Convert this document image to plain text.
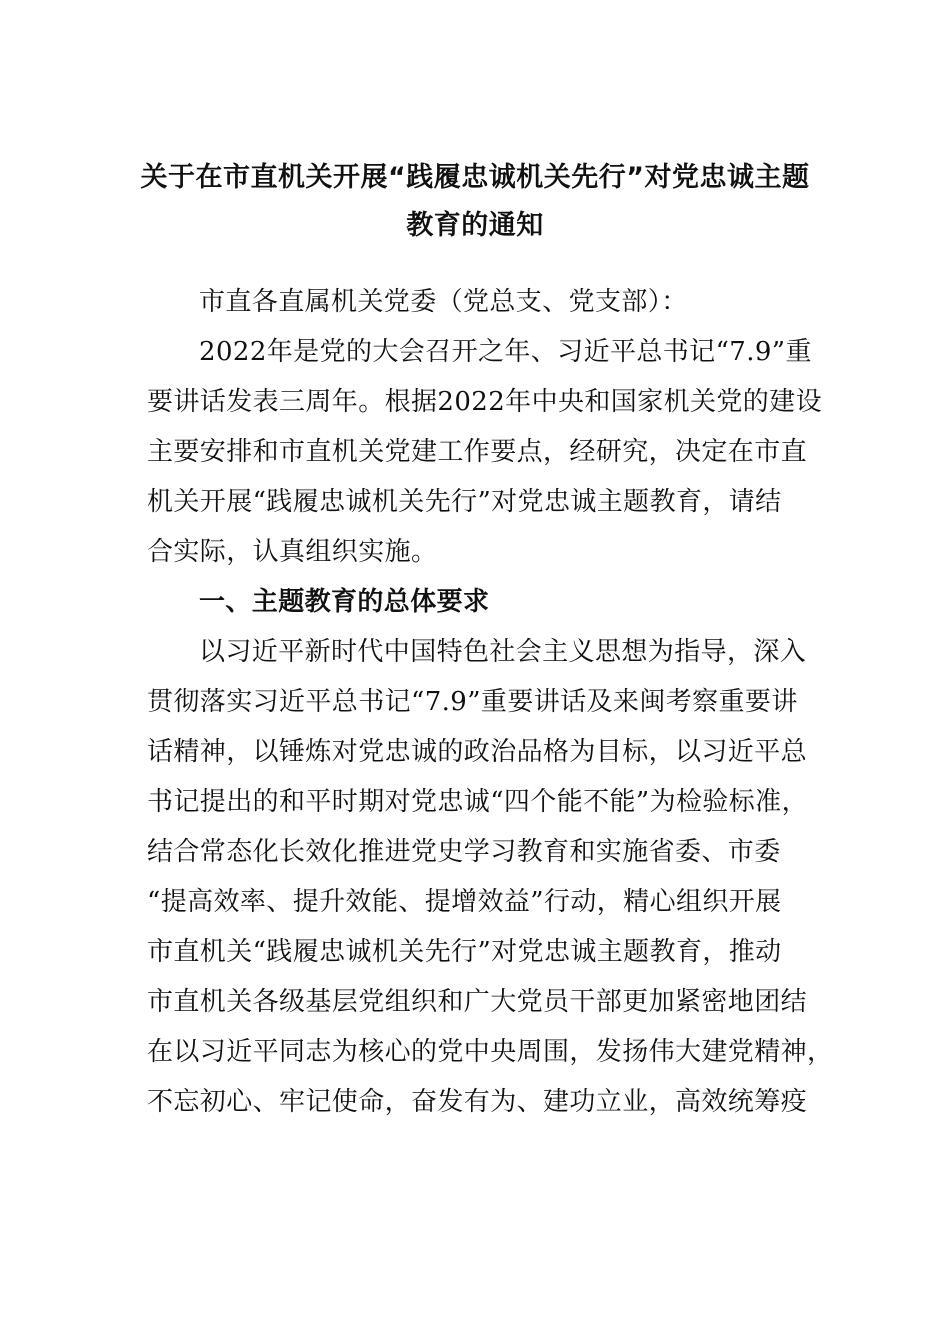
关于在市直机关开展“践履忠诚机关先行”对党忠诚主题
教育的通知
市直各直属机关党委（党总支、党支部）：
2022年是党的大会召开之年、习近平总书记“7.9”重
要讲话发表三周年。根据2022年中央和国家机关党的建设
主要安排和市直机关党建工作要点，经研究，决定在市直
机关开展“践履忠诚机关先行”对党忠诚主题教育，请结
合实际，认真组织实施。
一、主题教育的总体要求
以习近平新时代中国特色社会主义思想为指导，深入
贯彻落实习近平总书记“7.9”重要讲话及来闽考察重要讲
话精神，以锤炼对党忠诚的政治品格为目标，以习近平总
书记提出的和平时期对党忠诚“四个能不能”为检验标准，
结合常态化长效化推进党史学习教育和实施省委、市委
“提高效率、提升效能、提增效益”行动，精心组织开展
市直机关“践履忠诚机关先行”对党忠诚主题教育，推动
市直机关各级基层党组织和广大党员干部更加紧密地团结
在以习近平同志为核心的党中央周围，发扬伟大建党精神，
不忘初心、牢记使命，奋发有为、建功立业，高效统筹疫
